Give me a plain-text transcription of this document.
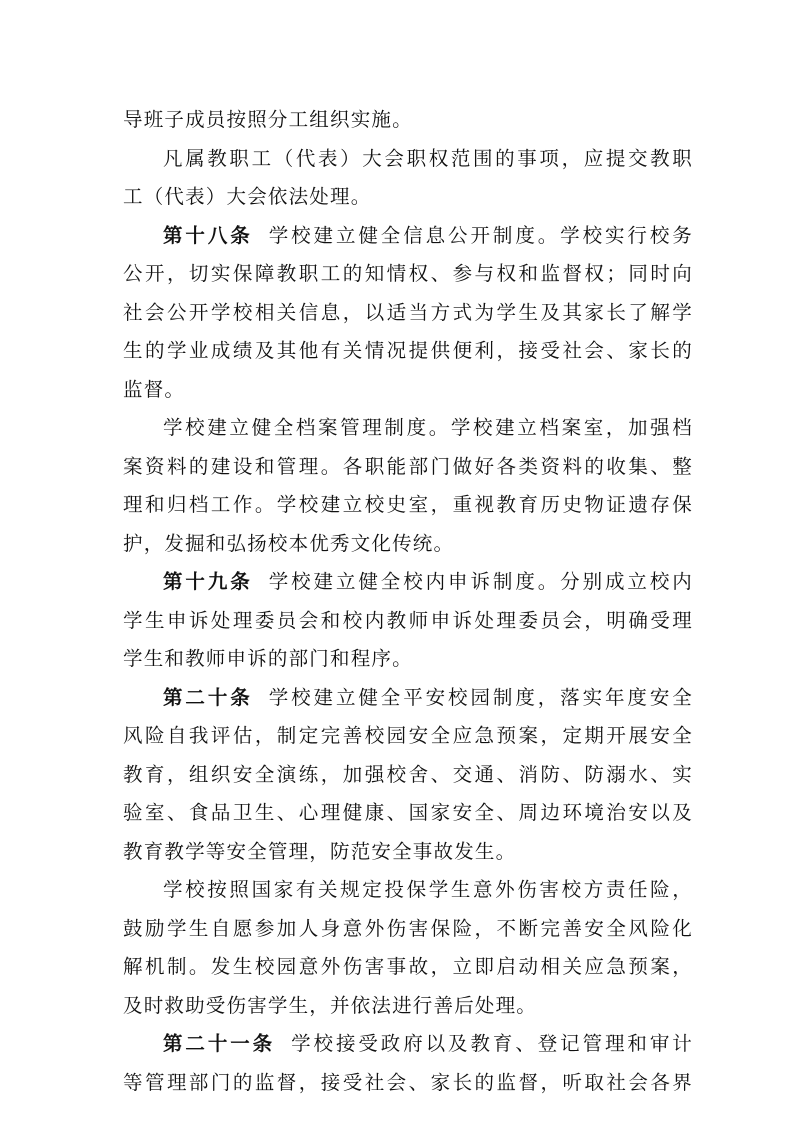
导班子成员按照分工组织实施。
凡属教职工（代表）大会职权范围的事项，应提交教职
工（代表）大会依法处理。
第十八条 学校建立健全信息公开制度。学校实行校务
公开，切实保障教职工的知情权、参与权和监督权；同时向
社会公开学校相关信息，以适当方式为学生及其家长了解学
生的学业成绩及其他有关情况提供便利，接受社会、家长的
监督。
学校建立健全档案管理制度。学校建立档案室，加强档
案资料的建设和管理。各职能部门做好各类资料的收集、整
理和归档工作。学校建立校史室，重视教育历史物证遗存保
护，发掘和弘扬校本优秀文化传统。
第十九条 学校建立健全校内申诉制度。分别成立校内
学生申诉处理委员会和校内教师申诉处理委员会，明确受理
学生和教师申诉的部门和程序。
第二十条 学校建立健全平安校园制度，落实年度安全
风险自我评估，制定完善校园安全应急预案，定期开展安全
教育，组织安全演练，加强校舍、交通、消防、防溺水、实
验室、食品卫生、心理健康、国家安全、周边环境治安以及
教育教学等安全管理，防范安全事故发生。
学校按照国家有关规定投保学生意外伤害校方责任险，
鼓励学生自愿参加人身意外伤害保险，不断完善安全风险化
解机制。发生校园意外伤害事故，立即启动相关应急预案，
及时救助受伤害学生，并依法进行善后处理。
第二十一条 学校接受政府以及教育、登记管理和审计
等管理部门的监督，接受社会、家长的监督，听取社会各界
